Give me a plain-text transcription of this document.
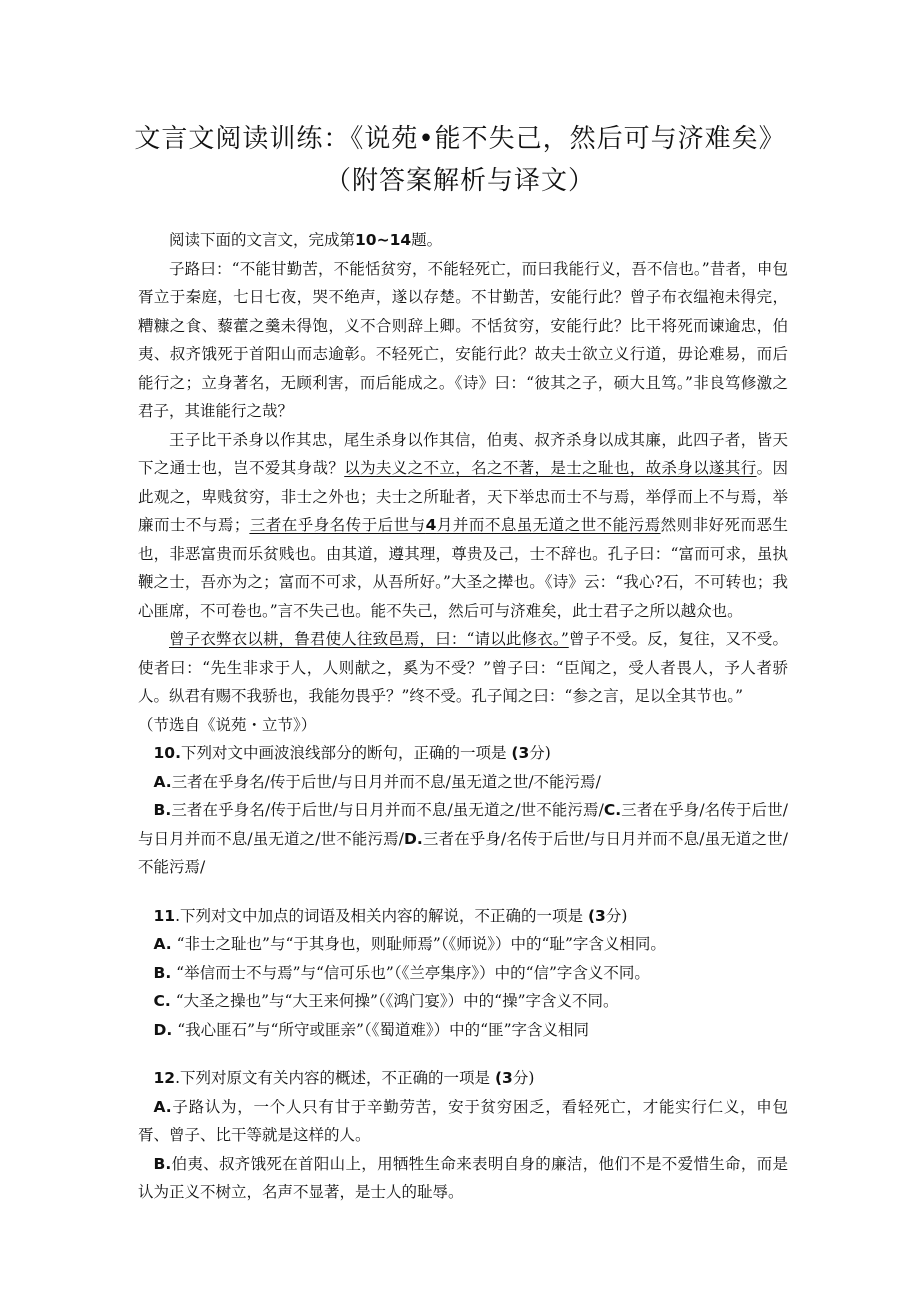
文言文阅读训练：《说苑•能不失己，然后可与济难矣》
（附答案解析与译文）

阅读下面的文言文，完成第10~14题。

子路曰：“不能甘勤苦，不能恬贫穷，不能轻死亡，而曰我能行义，吾不信也。”昔者，申包胥立于秦庭，七日七夜，哭不绝声，遂以存楚。不甘勤苦，安能行此？曾子布衣缊袍未得完，糟糠之食、藜藿之羹未得饱，义不合则辞上卿。不恬贫穷，安能行此？比干将死而谏逾忠，伯夷、叔齐饿死于首阳山而志逾彰。不轻死亡，安能行此？故夫士欲立义行道，毋论难易，而后能行之；立身著名，无顾利害，而后能成之。《诗》曰：“彼其之子，硕大且笃。”非良笃修激之君子，其谁能行之哉？

王子比干杀身以作其忠，尾生杀身以作其信，伯夷、叔齐杀身以成其廉，此四子者，皆天下之通士也，岂不爱其身哉？以为夫义之不立，名之不著，是士之耻也，故杀身以遂其行。因此观之，卑贱贫穷，非士之外也；夫士之所耻者，天下举忠而士不与焉，举俘而上不与焉，举廉而士不与焉；三者在乎身名传于后世与4月并而不息虽无道之世不能污焉然则非好死而恶生也，非恶富贵而乐贫贱也。由其道，遵其理，尊贵及己，士不辞也。孔子曰：“富而可求，虽执鞭之士，吾亦为之；富而不可求，从吾所好。”大圣之撵也。《诗》云：“我心?石，不可转也；我心匪席，不可卷也。”言不失己也。能不失己，然后可与济难矣，此士君子之所以越众也。

曾子衣弊衣以耕，鲁君使人往致邑焉，曰：“请以此修衣。”曾子不受。反，复往，又不受。使者曰：“先生非求于人，人则献之，奚为不受？”曾子曰：“臣闻之，受人者畏人，予人者骄人。纵君有赐不我骄也，我能勿畏乎？”终不受。孔子闻之曰：“参之言，足以全其节也。”

（节选自《说苑・立节》）

10.下列对文中画波浪线部分的断句，正确的一项是 (3分)

A.三者在乎身名/传于后世/与日月并而不息/虽无道之世/不能污焉/

B.三者在乎身名/传于后世/与日月并而不息/虽无道之/世不能污焉/C.三者在乎身/名传于后世/与日月并而不息/虽无道之/世不能污焉/D.三者在乎身/名传于后世/与日月并而不息/虽无道之世/不能污焉/

11.下列对文中加点的词语及相关内容的解说，不正确的一项是 (3分)

A. “非士之耻也”与“于其身也，则耻师焉”（《师说》）中的“耻”字含义相同。

B. “举信而士不与焉”与“信可乐也”（《兰亭集序》）中的“信”字含义不同。

C. “大圣之操也”与“大王来何操”（《鸿门宴》）中的“操”字含义不同。

D. “我心匪石”与“所守或匪亲”（《蜀道难》）中的“匪”字含义相同

12.下列对原文有关内容的概述，不正确的一项是 (3分)

A.子路认为，一个人只有甘于辛勤劳苦，安于贫穷困乏，看轻死亡，才能实行仁义，申包胥、曾子、比干等就是这样的人。

B.伯夷、叔齐饿死在首阳山上，用牺牲生命来表明自身的廉洁，他们不是不爱惜生命，而是认为正义不树立，名声不显著，是士人的耻辱。
